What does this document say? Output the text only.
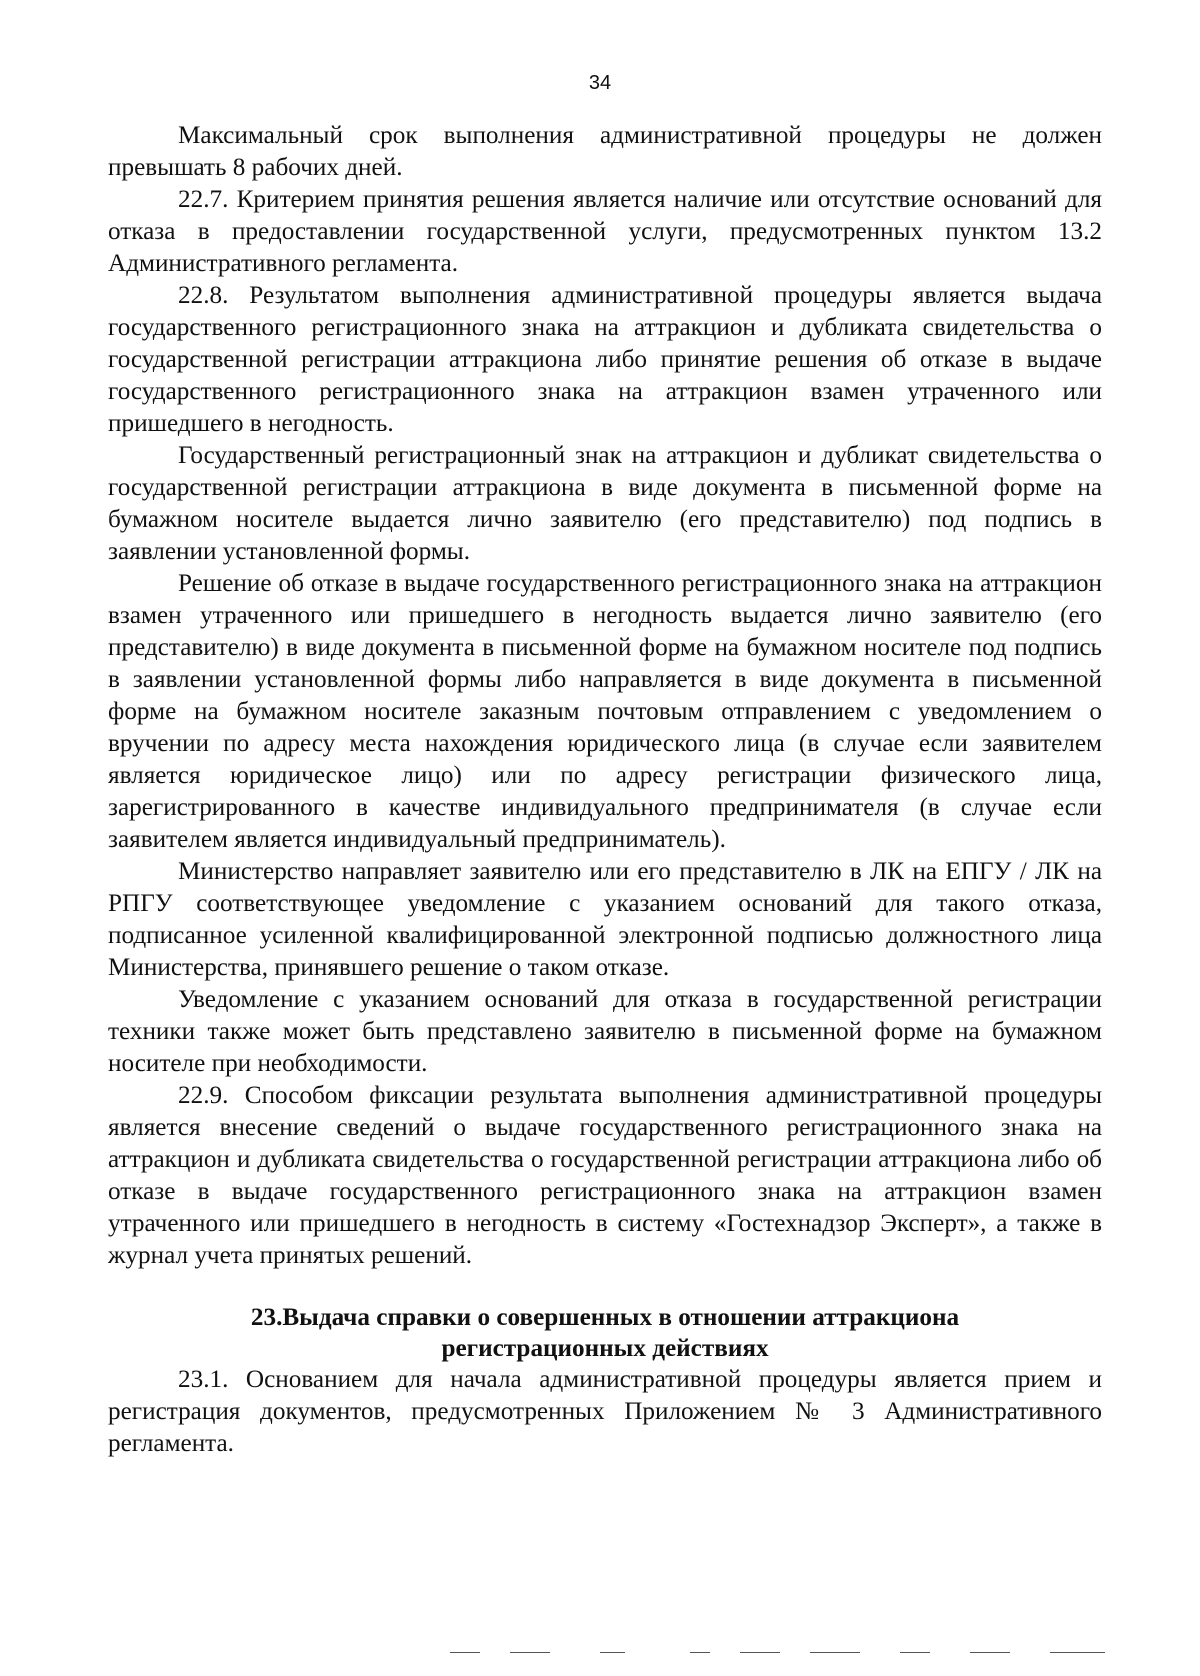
34

Максимальный срок выполнения административной процедуры не должен превышать 8 рабочих дней.

22.7. Критерием принятия решения является наличие или отсутствие оснований для отказа в предоставлении государственной услуги, предусмотренных пунктом 13.2 Административного регламента.

22.8. Результатом выполнения административной процедуры является выдача государственного регистрационного знака на аттракцион и дубликата свидетельства о государственной регистрации аттракциона либо принятие решения об отказе в выдаче государственного регистрационного знака на аттракцион взамен утраченного или пришедшего в негодность.

Государственный регистрационный знак на аттракцион и дубликат свидетельства о государственной регистрации аттракциона в виде документа в письменной форме на бумажном носителе выдается лично заявителю (его представителю) под подпись в заявлении установленной формы.

Решение об отказе в выдаче государственного регистрационного знака на аттракцион взамен утраченного или пришедшего в негодность выдается лично заявителю (его представителю) в виде документа в письменной форме на бумажном носителе под подпись в заявлении установленной формы либо направляется в виде документа в письменной форме на бумажном носителе заказным почтовым отправлением с уведомлением о вручении по адресу места нахождения юридического лица (в случае если заявителем является юридическое лицо) или по адресу регистрации физического лица, зарегистрированного в качестве индивидуального предпринимателя (в случае если заявителем является индивидуальный предприниматель).

Министерство направляет заявителю или его представителю в ЛК на ЕПГУ / ЛК на РПГУ соответствующее уведомление с указанием оснований для такого отказа, подписанное усиленной квалифицированной электронной подписью должностного лица Министерства, принявшего решение о таком отказе.

Уведомление с указанием оснований для отказа в государственной регистрации техники также может быть представлено заявителю в письменной форме на бумажном носителе при необходимости.

22.9. Способом фиксации результата выполнения административной процедуры является внесение сведений о выдаче государственного регистрационного знака на аттракцион и дубликата свидетельства о государственной регистрации аттракциона либо об отказе в выдаче государственного регистрационного знака на аттракцион взамен утраченного или пришедшего в негодность в систему «Гостехнадзор Эксперт», а также в журнал учета принятых решений.

23.Выдача справки о совершенных в отношении аттракциона
регистрационных действиях

23.1. Основанием для начала административной процедуры является прием и регистрация документов, предусмотренных Приложением № 3 Административного регламента.
